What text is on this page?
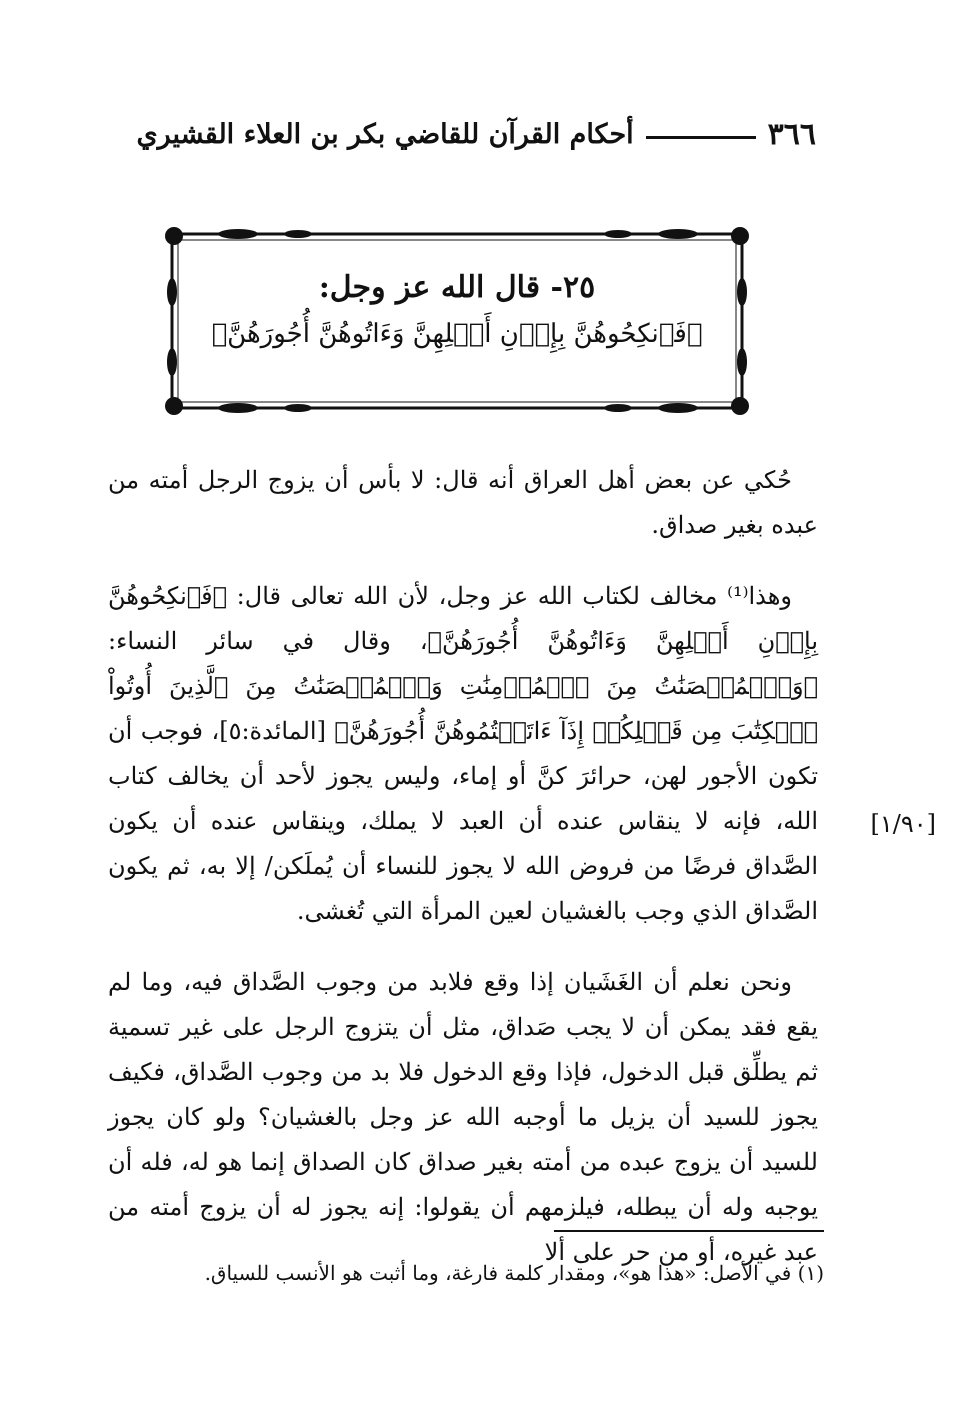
٣٦٦
أحكام القرآن للقاضي بكر بن العلاء القشيري
٢٥- قال الله عز وجل:
﴿فَٱنكِحُوهُنَّ بِإِذۡنِ أَهۡلِهِنَّ وَءَاتُوهُنَّ أُجُورَهُنَّ﴾

حُكي عن بعض أهل العراق أنه قال: لا بأس أن يزوج الرجل أمته من عبده بغير صداق.

وهذا⁽¹⁾ مخالف لكتاب الله عز وجل، لأن الله تعالى قال: ﴿فَٱنكِحُوهُنَّ بِإِذۡنِ أَهۡلِهِنَّ وَءَاتُوهُنَّ أُجُورَهُنَّ﴾، وقال في سائر النساء: ﴿وَٱلۡمُحۡصَنَٰتُ مِنَ ٱلۡمُؤۡمِنَٰتِ وَٱلۡمُحۡصَنَٰتُ مِنَ ٱلَّذِينَ أُوتُواْ ٱلۡكِتَٰبَ مِن قَبۡلِكُمۡ إِذَآ ءَاتَيۡتُمُوهُنَّ أُجُورَهُنَّ﴾ [المائدة:٥]، فوجب أن تكون الأجور لهن، حرائرَ كنَّ أو إماء، وليس يجوز لأحد أن يخالف كتاب الله، فإنه لا ينقاس عنده أن العبد لا يملك، وينقاس عنده أن يكون الصَّداق فرضًا من فروض الله لا يجوز للنساء أن يُملَكن/ إلا به، ثم يكون الصَّداق الذي وجب بالغشيان لعين المرأة التي تُغشى.

ونحن نعلم أن الغَشَيان إذا وقع فلابد من وجوب الصَّداق فيه، وما لم يقع فقد يمكن أن لا يجب صَداق، مثل أن يتزوج الرجل على غير تسمية ثم يطلِّق قبل الدخول، فإذا وقع الدخول فلا بد من وجوب الصَّداق، فكيف يجوز للسيد أن يزيل ما أوجبه الله عز وجل بالغشيان؟ ولو كان يجوز للسيد أن يزوج عبده من أمته بغير صداق كان الصداق إنما هو له، فله أن يوجبه وله أن يبطله، فيلزمهم أن يقولوا: إنه يجوز له أن يزوج أمته من عبد غيره، أو من حر على ألا

[١/٩٠]
(١) في الأصل: «هذا هو»، ومقدار كلمة فارغة، وما أثبت هو الأنسب للسياق.
